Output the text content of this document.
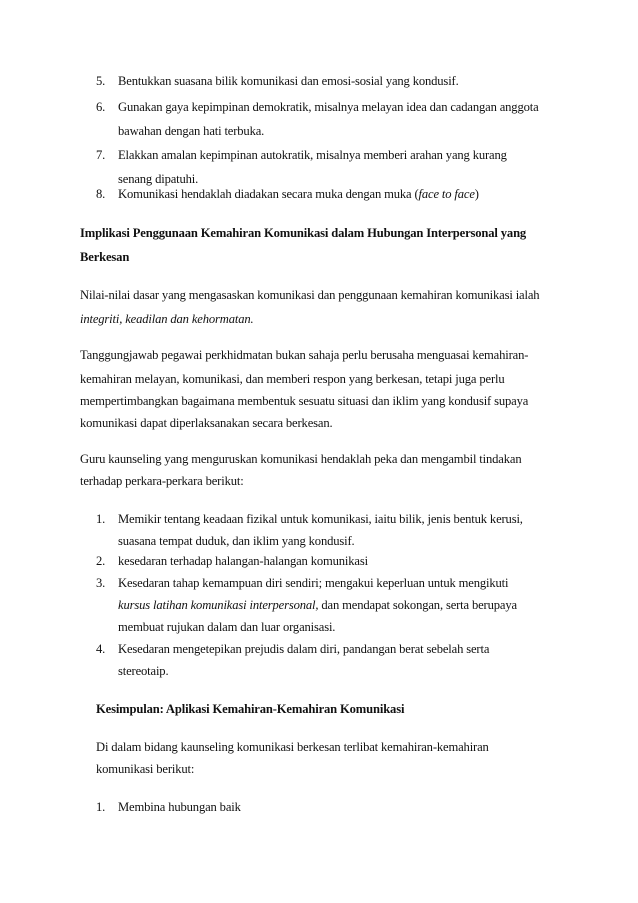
5. Bentukkan suasana bilik komunikasi dan emosi-sosial yang kondusif.
6. Gunakan gaya kepimpinan demokratik, misalnya melayan idea dan cadangan anggota
bawahan dengan hati terbuka.
7. Elakkan amalan kepimpinan autokratik, misalnya memberi arahan yang kurang
senang dipatuhi.
8. Komunikasi hendaklah diadakan secara muka dengan muka (face to face)
Implikasi Penggunaan Kemahiran Komunikasi dalam Hubungan Interpersonal yang
Berkesan
Nilai-nilai dasar yang mengasaskan komunikasi dan penggunaan kemahiran komunikasi ialah
integriti, keadilan dan kehormatan.
Tanggungjawab pegawai perkhidmatan bukan sahaja perlu berusaha menguasai kemahiran-
kemahiran melayan, komunikasi, dan memberi respon yang berkesan, tetapi juga perlu
mempertimbangkan bagaimana membentuk sesuatu situasi dan iklim yang kondusif supaya
komunikasi dapat diperlaksanakan secara berkesan.
Guru kaunseling yang menguruskan komunikasi hendaklah peka dan mengambil tindakan
terhadap perkara-perkara berikut:
1. Memikir tentang keadaan fizikal untuk komunikasi, iaitu bilik, jenis bentuk kerusi,
suasana tempat duduk, dan iklim yang kondusif.
2. kesedaran terhadap halangan-halangan komunikasi
3. Kesedaran tahap kemampuan diri sendiri; mengakui keperluan untuk mengikuti
kursus latihan komunikasi interpersonal, dan mendapat sokongan, serta berupaya
membuat rujukan dalam dan luar organisasi.
4. Kesedaran mengetepikan prejudis dalam diri, pandangan berat sebelah serta
stereotaip.
Kesimpulan: Aplikasi Kemahiran-Kemahiran Komunikasi
Di dalam bidang kaunseling komunikasi berkesan terlibat kemahiran-kemahiran
komunikasi berikut:
1. Membina hubungan baik
